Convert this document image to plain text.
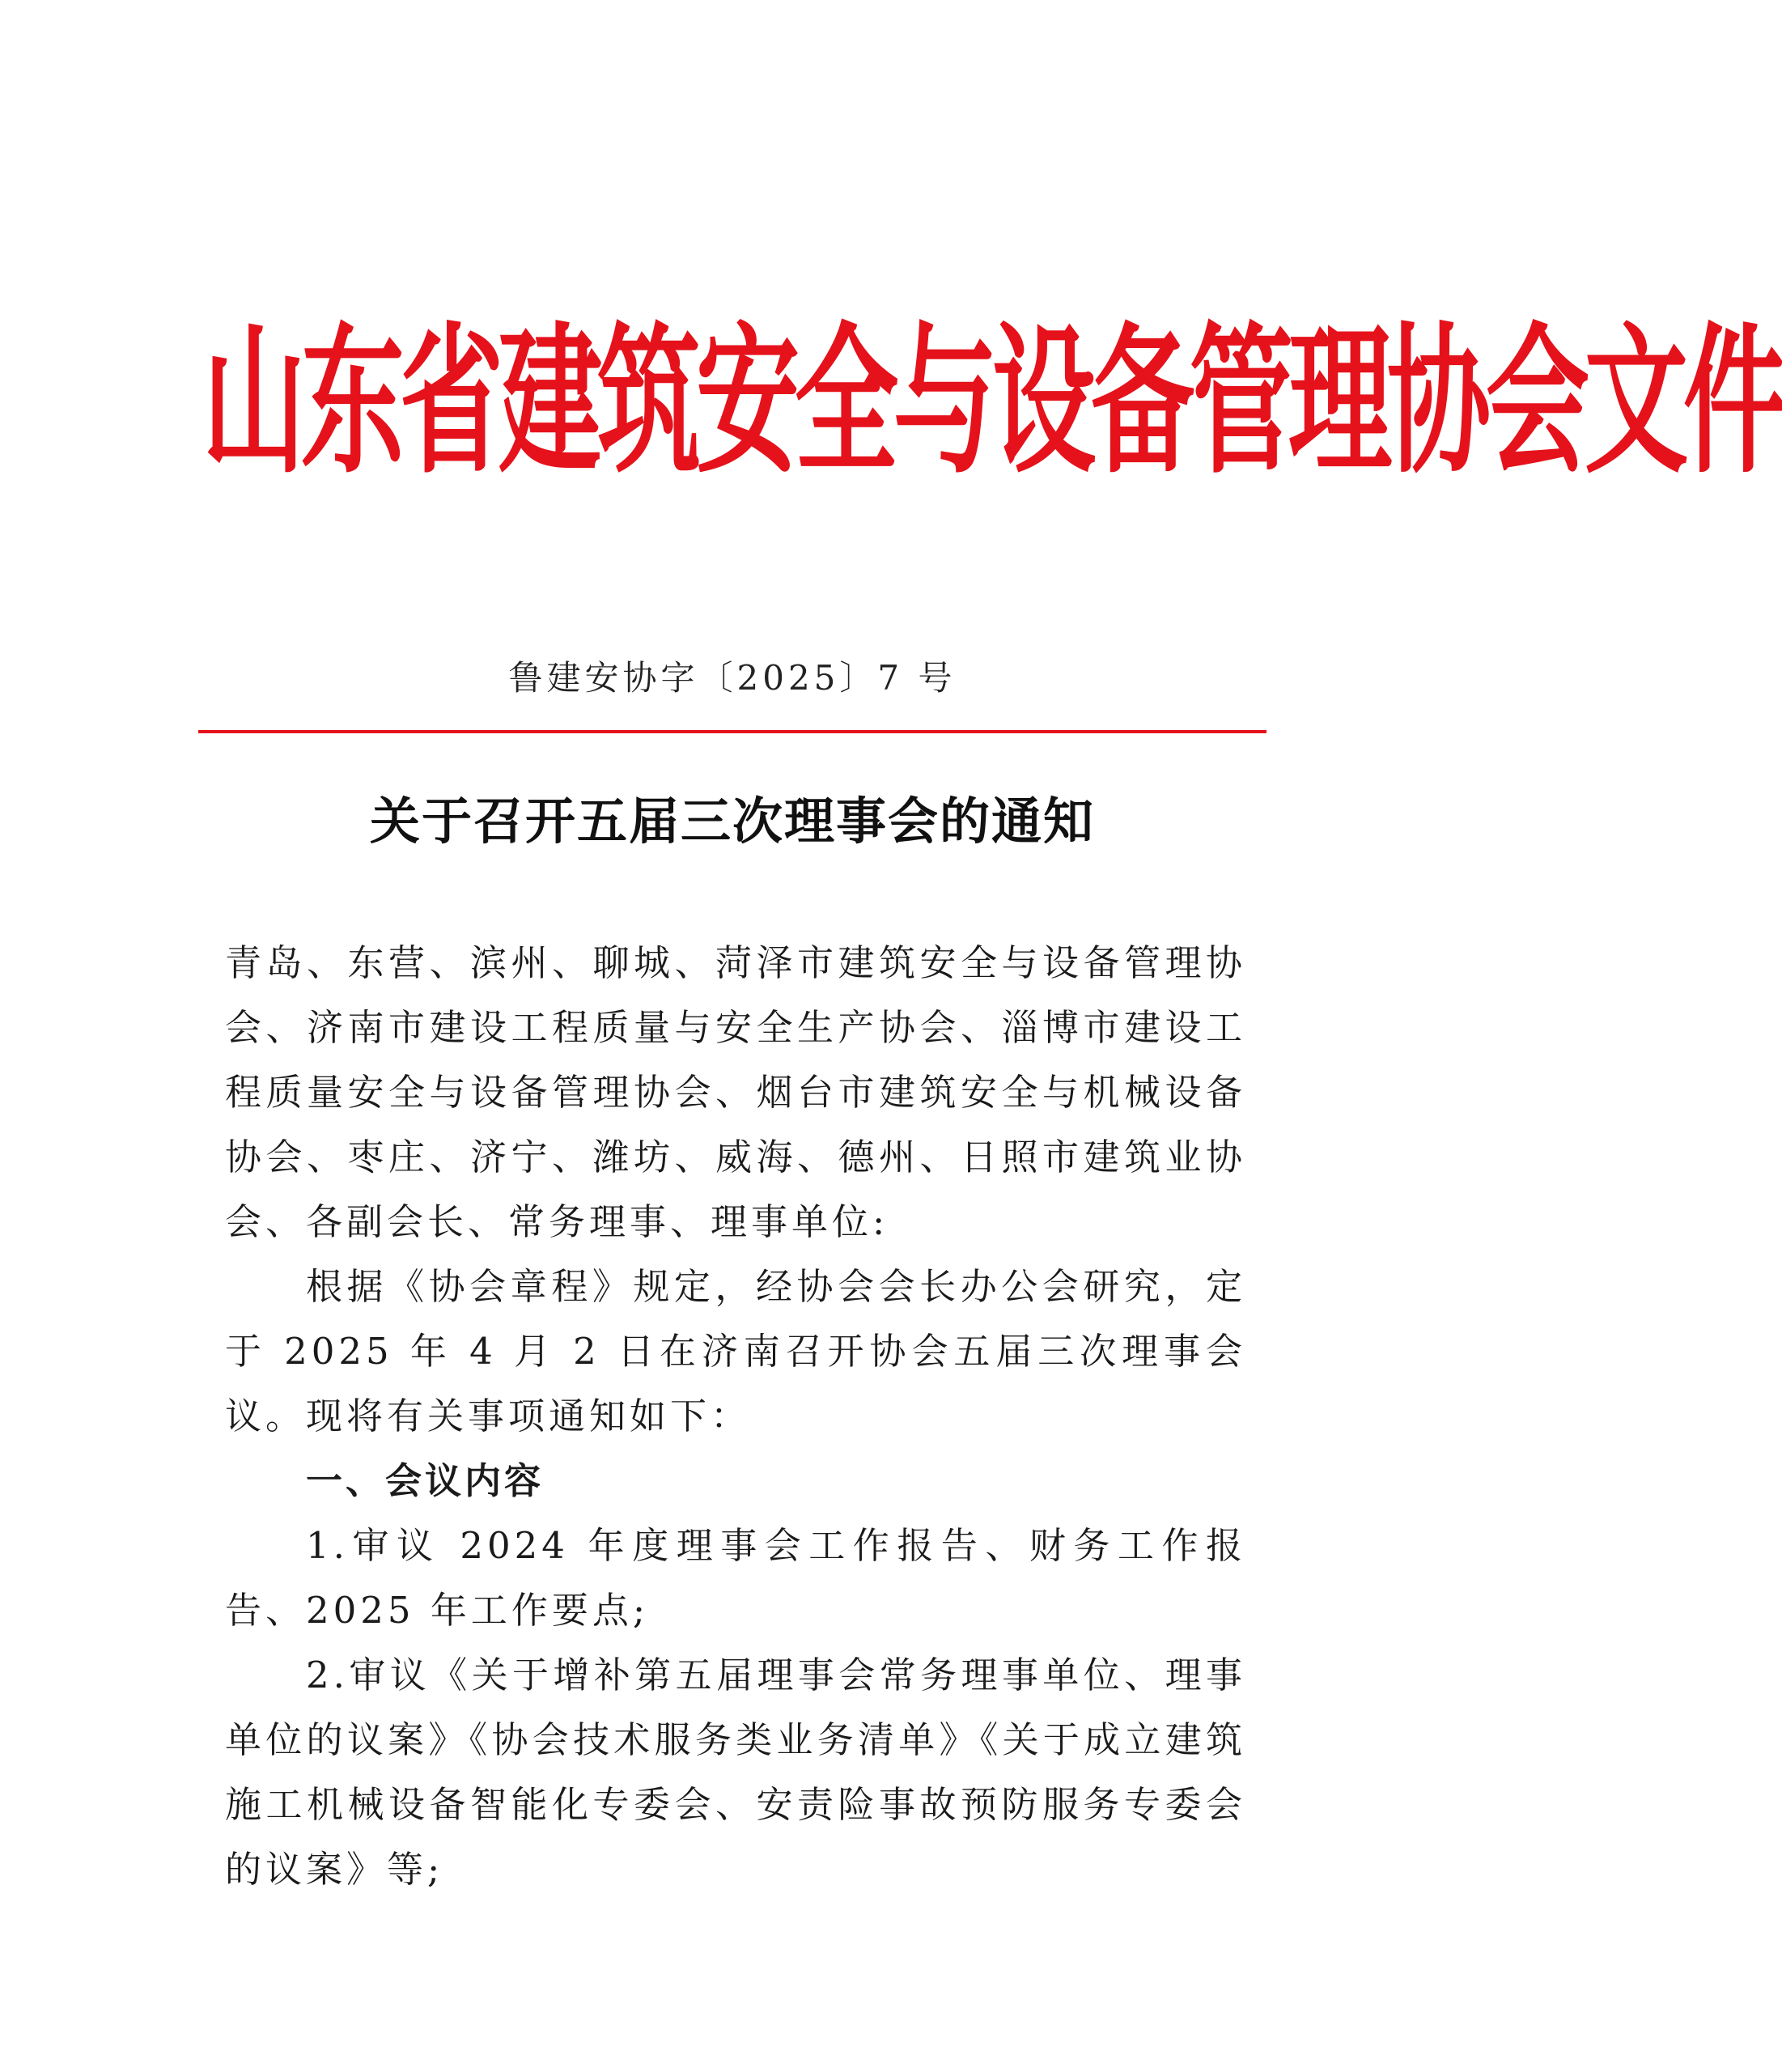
山东省建筑安全与设备管理协会文件
鲁建安协字〔2025〕7 号
关于召开五届三次理事会的通知

青岛、东营、滨州、聊城、菏泽市建筑安全与设备管理协会、济南市建设工程质量与安全生产协会、淄博市建设工程质量安全与设备管理协会、烟台市建筑安全与机械设备协会、枣庄、济宁、潍坊、威海、德州、日照市建筑业协会、各副会长、常务理事、理事单位:

根据《协会章程》规定，经协会会长办公会研究，定于 2025 年 4 月 2 日在济南召开协会五届三次理事会议。现将有关事项通知如下：

一、会议内容

1.审议 2024 年度理事会工作报告、财务工作报告、2025 年工作要点;

2.审议《关于增补第五届理事会常务理事单位、理事单位的议案》《协会技术服务类业务清单》《关于成立建筑施工机械设备智能化专委会、安责险事故预防服务专委会的议案》等;
